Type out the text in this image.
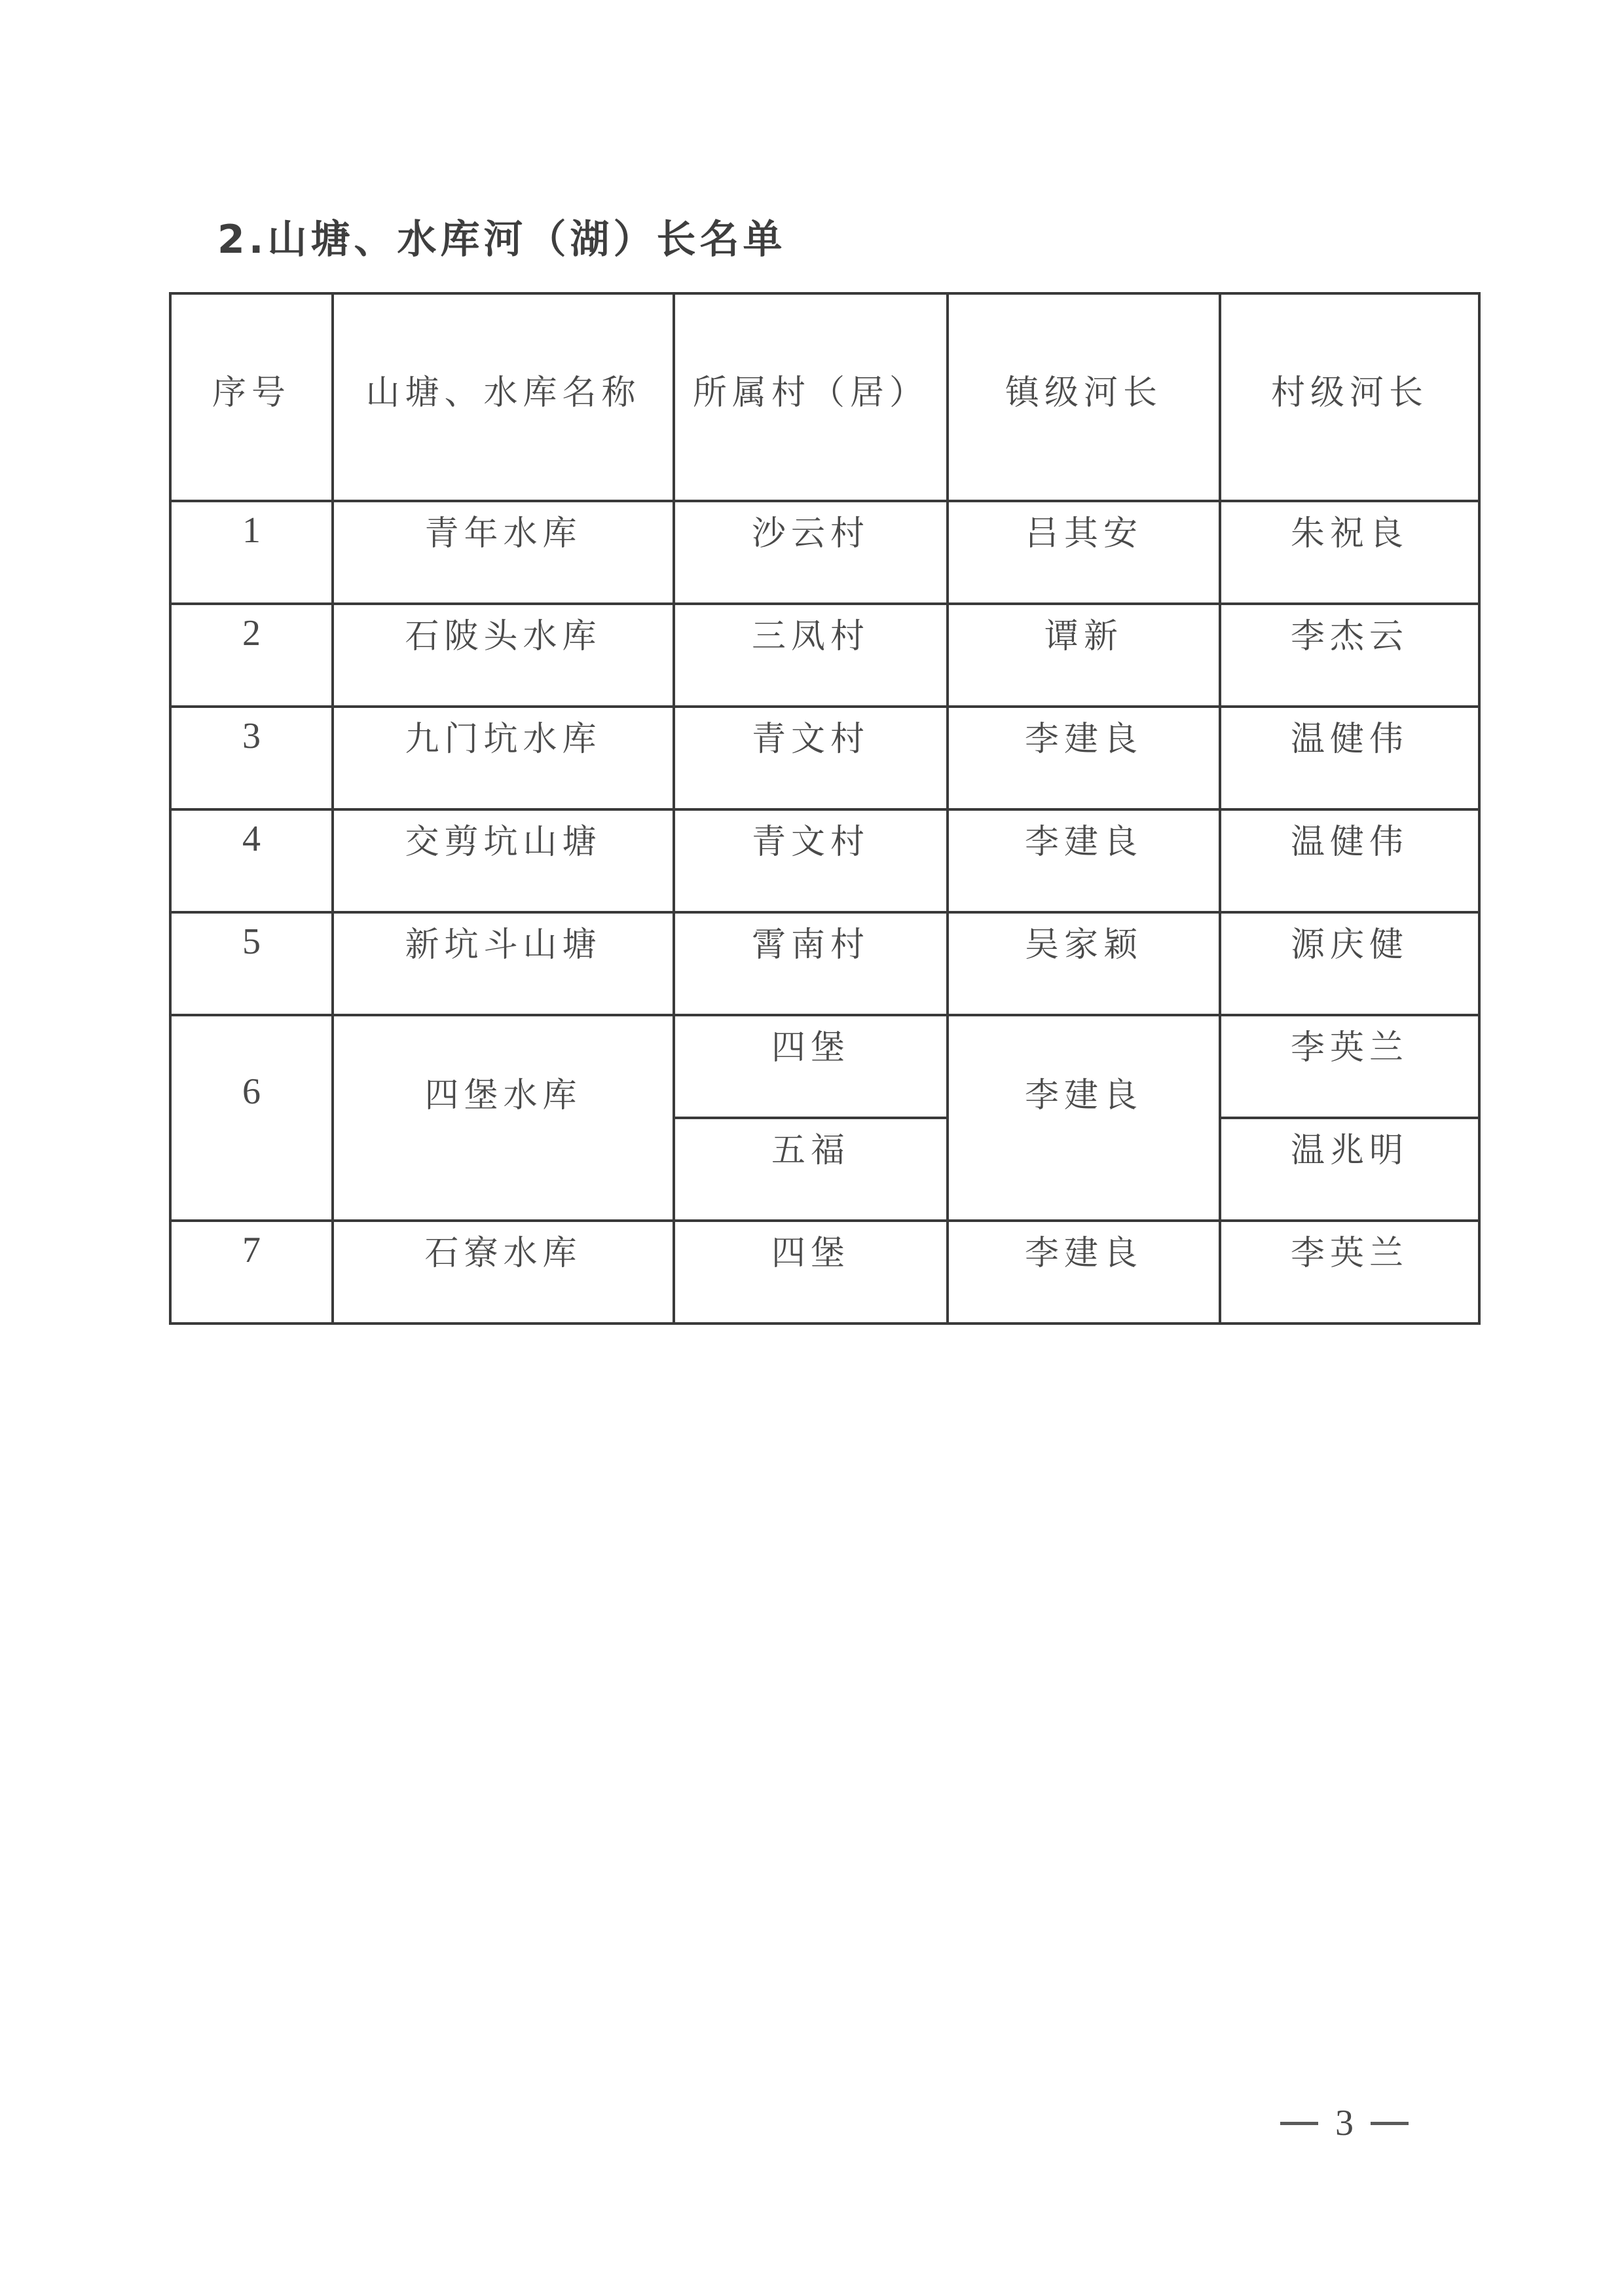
2.山塘、水库河（湖）长名单
序号	山塘、水库名称	所属村（居）	镇级河长	村级河长
1	青年水库	沙云村	吕其安	朱祝良
2	石陂头水库	三凤村	谭新	李杰云
3	九门坑水库	青文村	李建良	温健伟
4	交剪坑山塘	青文村	李建良	温健伟
5	新坑斗山塘	霄南村	吴家颖	源庆健
6	四堡水库	四堡	李建良	李英兰
		五福		温兆明
7	石寮水库	四堡	李建良	李英兰
3
